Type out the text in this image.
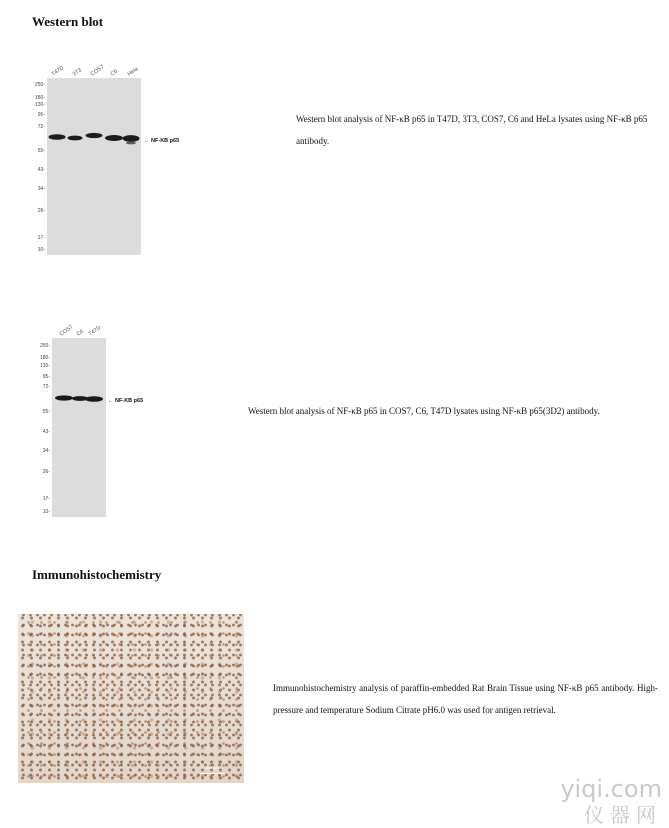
Western blot
250-
180-
130-
95-
72-
55-
43-
34-
26-
17-
10-
T47D 3T3 COS7 C6 Hela
← NF-KB p65

Western blot analysis of NF-κB p65 in T47D, 3T3, COS7, C6 and HeLa lysates using NF-κB p65 antibody.

250-
180-
130-
95-
72-
55-
43-
34-
26-
17-
10-
COS7 C6 T47D
← NF-KB p65

Western blot analysis of NF-κB p65 in COS7, C6, T47D lysates using NF-κB p65(3D2) antibody.

Immunohistochemistry
100 μm

Immunohistochemistry analysis of paraffin-embedded Rat Brain Tissue using NF-κB p65 antibody. High-pressure and temperature Sodium Citrate pH6.0 was used for antigen retrieval.

yiqi.com
仪器网
